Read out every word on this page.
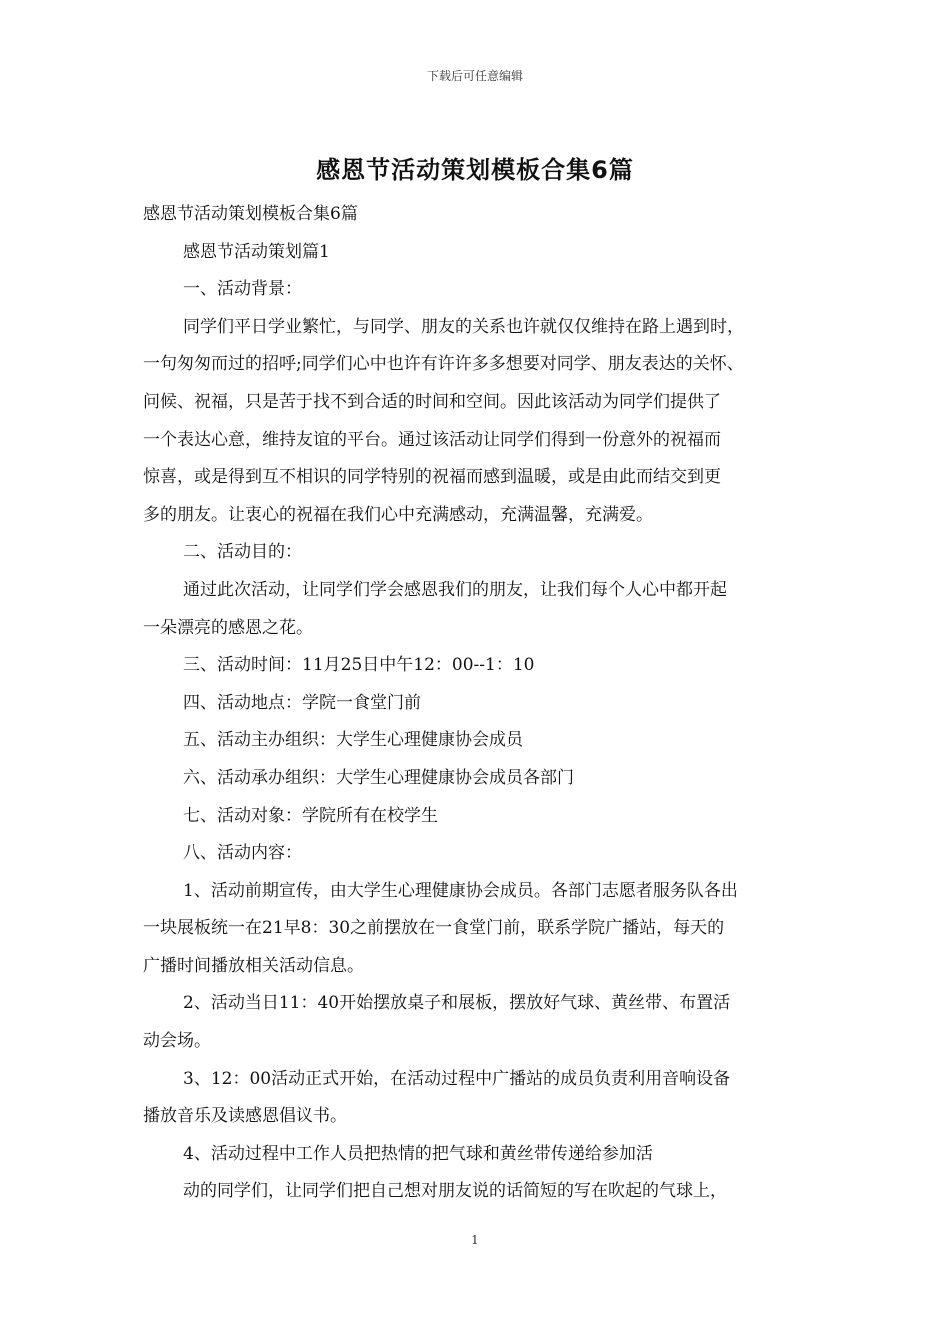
下载后可任意编辑
感恩节活动策划模板合集6篇
感恩节活动策划模板合集6篇
感恩节活动策划篇1
一、活动背景：
同学们平日学业繁忙，与同学、朋友的关系也许就仅仅维持在路上遇到时，
一句匆匆而过的招呼;同学们心中也许有许许多多想要对同学、朋友表达的关怀、
问候、祝福，只是苦于找不到合适的时间和空间。因此该活动为同学们提供了
一个表达心意，维持友谊的平台。通过该活动让同学们得到一份意外的祝福而
惊喜，或是得到互不相识的同学特别的祝福而感到温暖，或是由此而结交到更
多的朋友。让衷心的祝福在我们心中充满感动，充满温馨，充满爱。
二、活动目的：
通过此次活动，让同学们学会感恩我们的朋友，让我们每个人心中都开起
一朵漂亮的感恩之花。
三、活动时间：11月25日中午12：00--1：10
四、活动地点：学院一食堂门前
五、活动主办组织：大学生心理健康协会成员
六、活动承办组织：大学生心理健康协会成员各部门
七、活动对象：学院所有在校学生
八、活动内容：
1、活动前期宣传，由大学生心理健康协会成员。各部门志愿者服务队各出
一块展板统一在21早8：30之前摆放在一食堂门前，联系学院广播站，每天的
广播时间播放相关活动信息。
2、活动当日11：40开始摆放桌子和展板，摆放好气球、黄丝带、布置活
动会场。
3、12：00活动正式开始，在活动过程中广播站的成员负责利用音响设备
播放音乐及读感恩倡议书。
4、活动过程中工作人员把热情的把气球和黄丝带传递给参加活
动的同学们，让同学们把自己想对朋友说的话简短的写在吹起的气球上，
1
